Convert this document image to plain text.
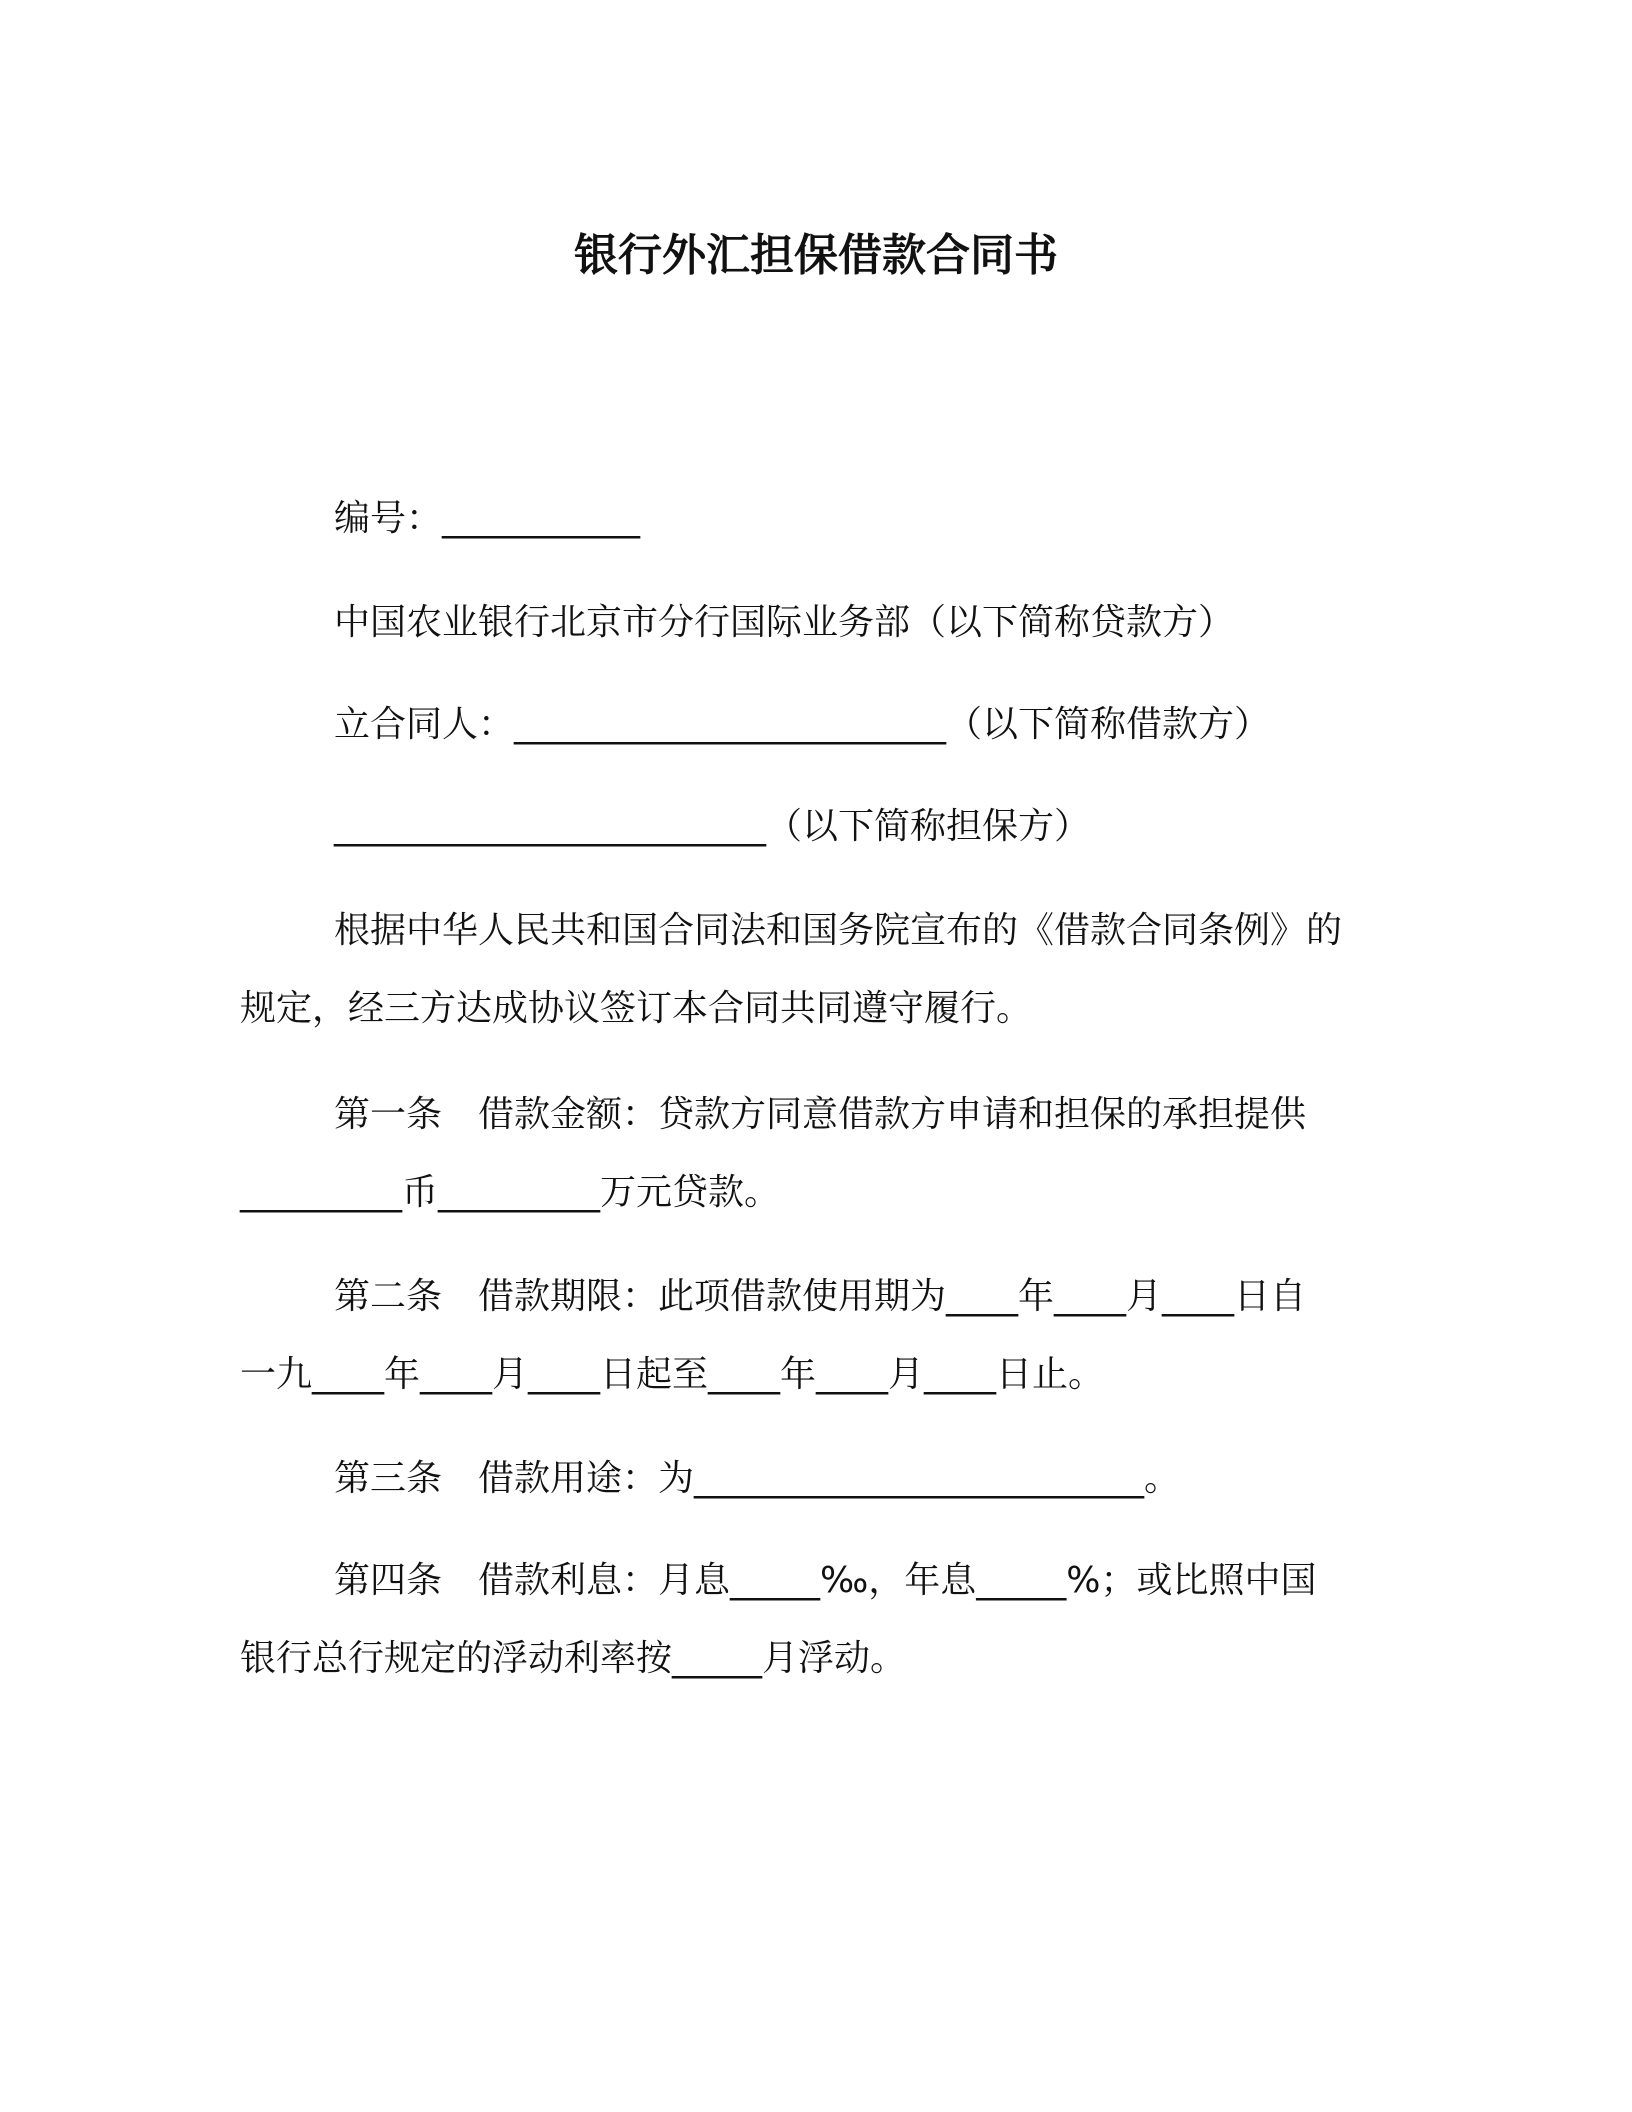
银行外汇担保借款合同书
编号：___________
中国农业银行北京市分行国际业务部（以下简称贷款方）
立合同人：________________________（以下简称借款方）
________________________（以下简称担保方）
根据中华人民共和国合同法和国务院宣布的《借款合同条例》的
规定，经三方达成协议签订本合同共同遵守履行。
第一条　借款金额：贷款方同意借款方申请和担保的承担提供
_________币_________万元贷款。
第二条　借款期限：此项借款使用期为____年____月____日自
一九____年____月____日起至____年____月____日止。
第三条　借款用途：为_________________________。
第四条　借款利息：月息_____‰，年息_____%；或比照中国
银行总行规定的浮动利率按_____月浮动。
